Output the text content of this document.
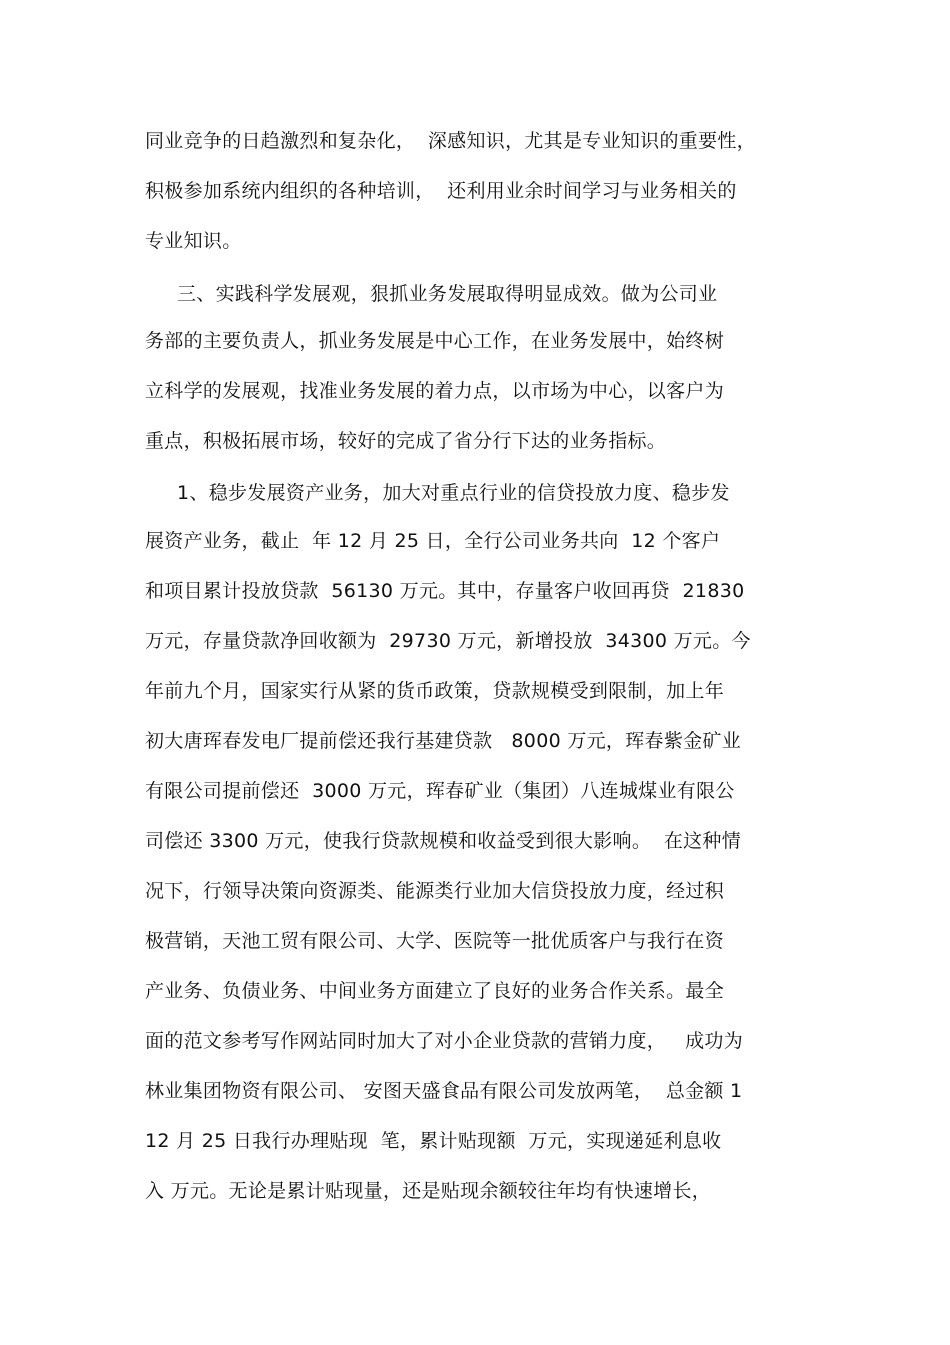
同业竞争的日趋激烈和复杂化，  深感知识，尤其是专业知识的重要性，
积极参加系统内组织的各种培训，  还利用业余时间学习与业务相关的
专业知识。
三、实践科学发展观，狠抓业务发展取得明显成效。做为公司业
务部的主要负责人，抓业务发展是中心工作，在业务发展中，始终树
立科学的发展观，找准业务发展的着力点，以市场为中心，以客户为
重点，积极拓展市场，较好的完成了省分行下达的业务指标。
1、稳步发展资产业务，加大对重点行业的信贷投放力度、稳步发
展资产业务，截止  年 12 月 25 日，全行公司业务共向  12 个客户
和项目累计投放贷款  56130 万元。其中，存量客户收回再贷  21830
万元，存量贷款净回收额为  29730 万元，新增投放  34300 万元。今
年前九个月，国家实行从紧的货币政策，贷款规模受到限制，加上年
初大唐珲春发电厂提前偿还我行基建贷款   8000 万元，珲春紫金矿业
有限公司提前偿还  3000 万元，珲春矿业（集团）八连城煤业有限公
司偿还 3300 万元，使我行贷款规模和收益受到很大影响。  在这种情
况下，行领导决策向资源类、能源类行业加大信贷投放力度，经过积
极营销，天池工贸有限公司、大学、医院等一批优质客户与我行在资
产业务、负债业务、中间业务方面建立了良好的业务合作关系。最全
面的范文参考写作网站同时加大了对小企业贷款的营销力度，   成功为
林业集团物资有限公司、 安图天盛食品有限公司发放两笔，  总金额 1
12 月 25 日我行办理贴现  笔，累计贴现额  万元，实现递延利息收
入 万元。无论是累计贴现量，还是贴现余额较往年均有快速增长，
